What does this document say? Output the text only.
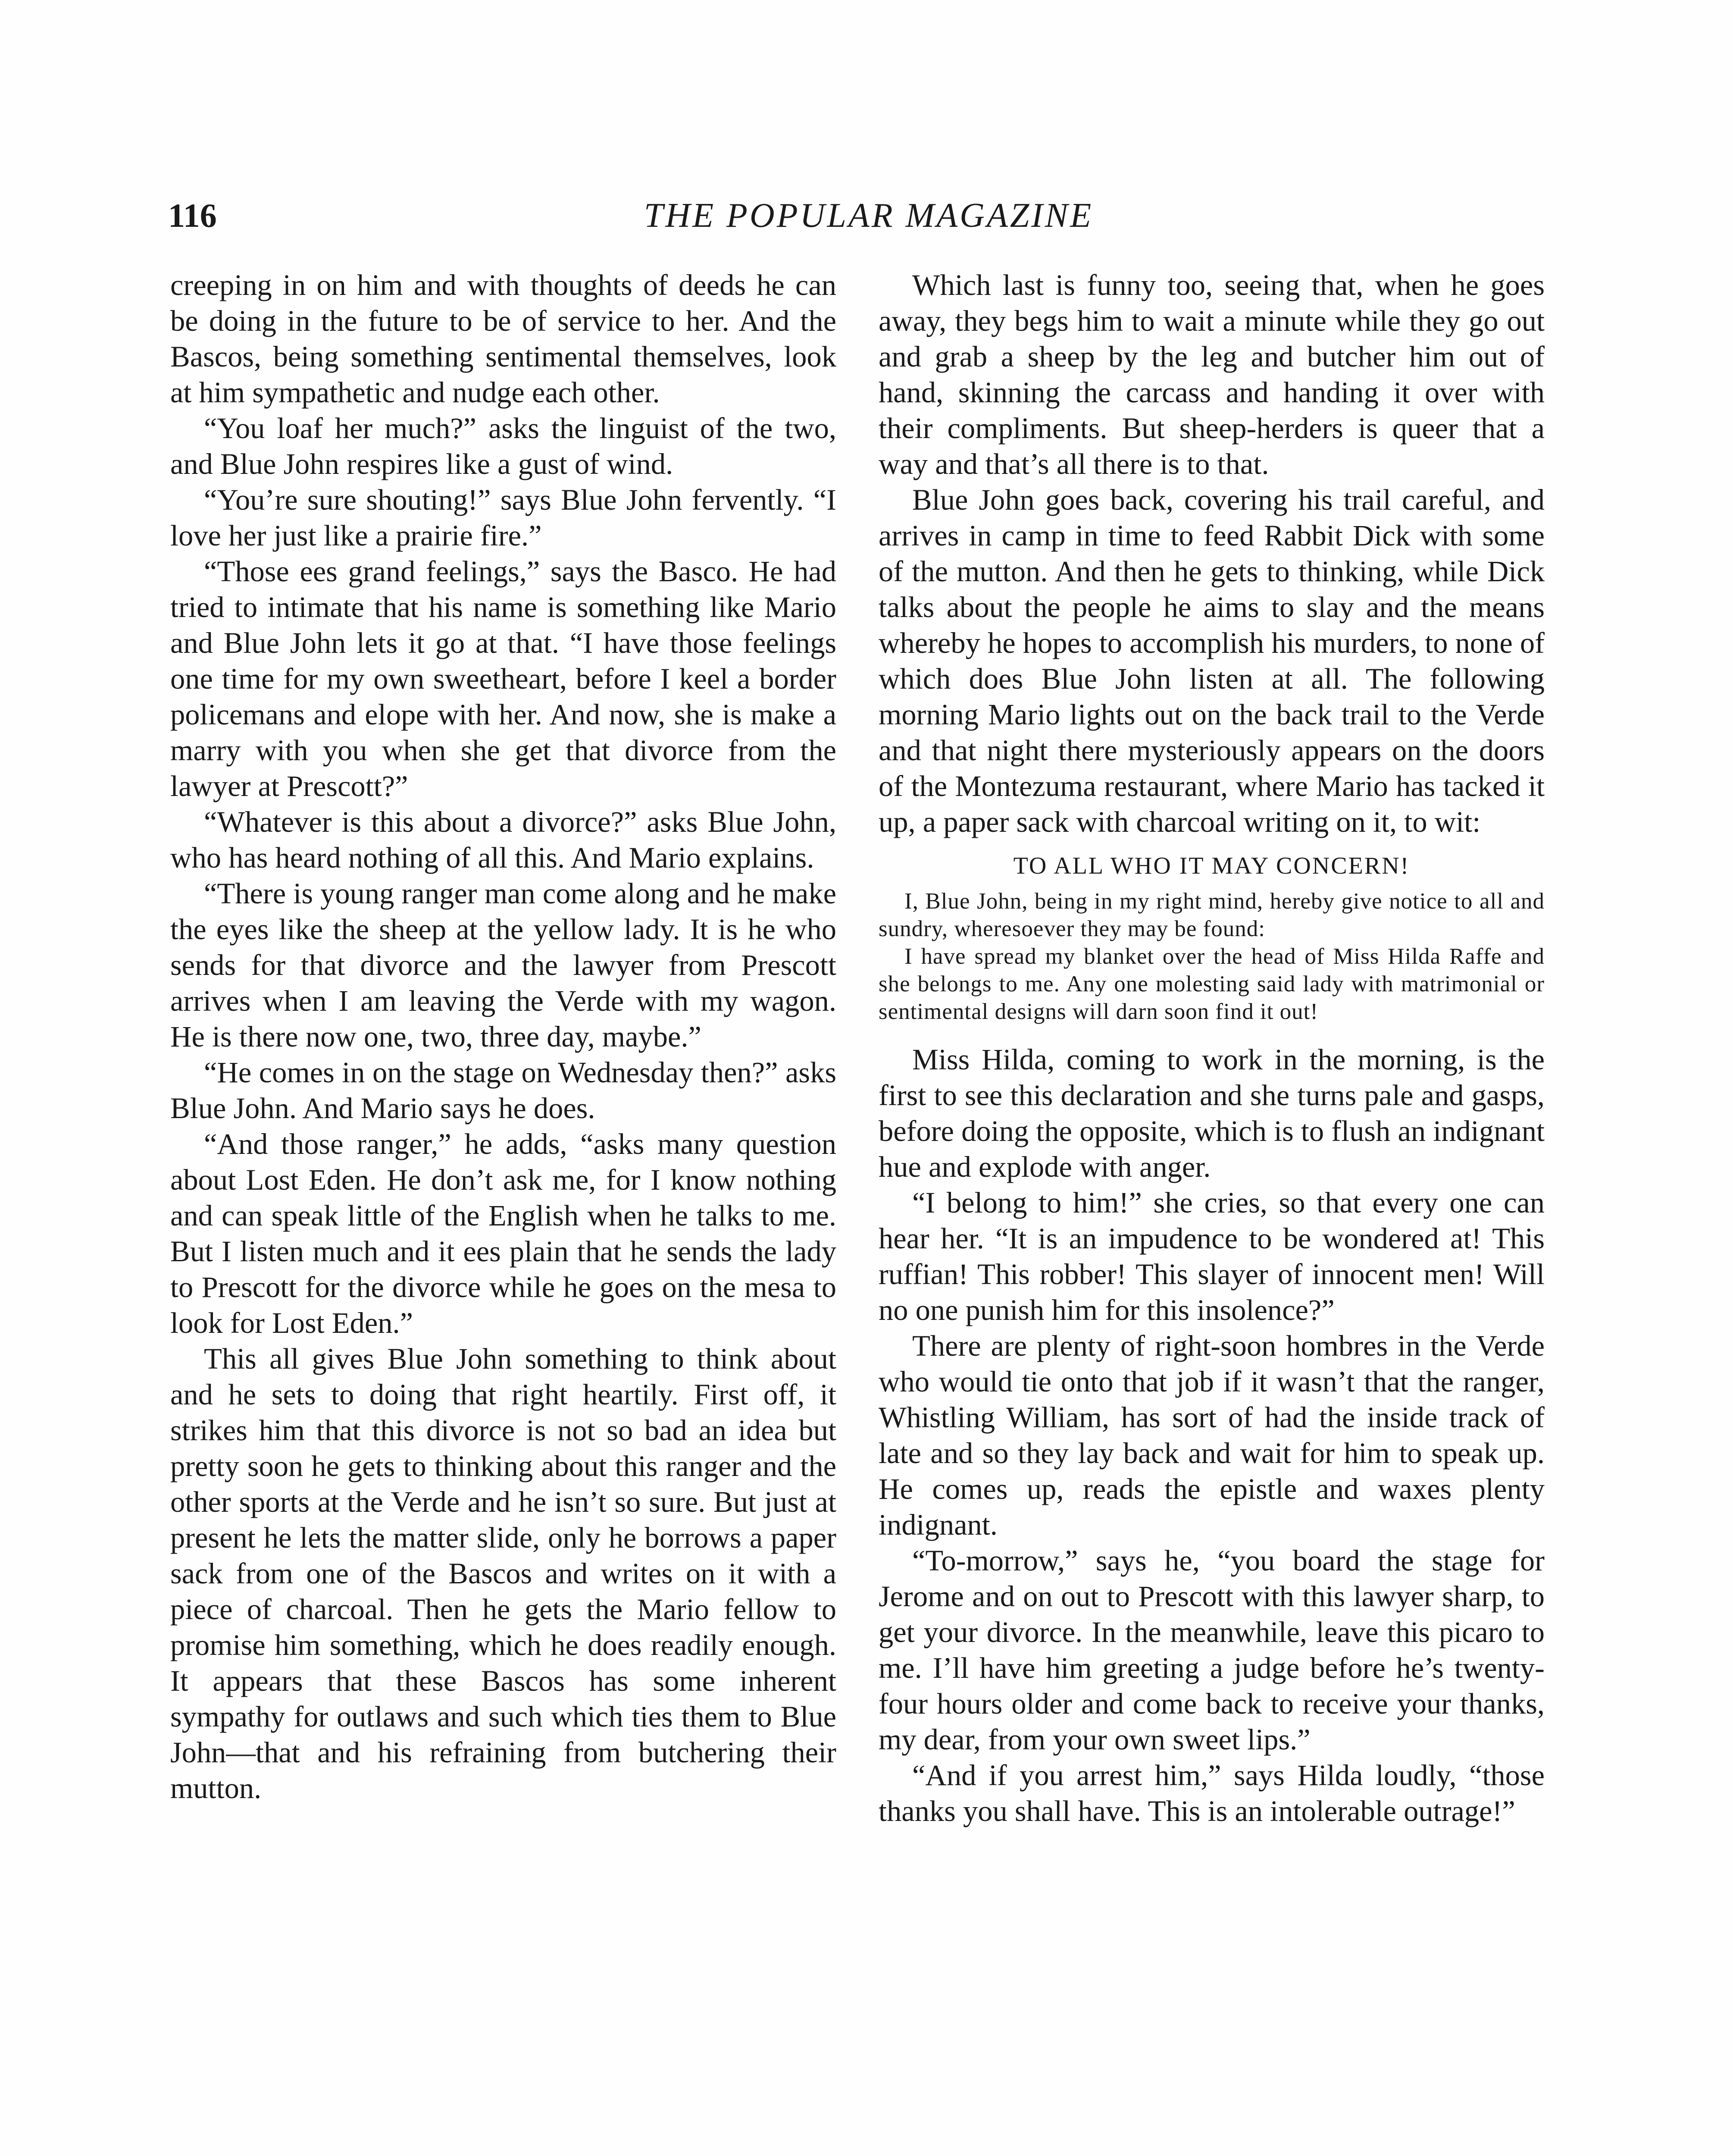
116	THE POPULAR MAGAZINE

creeping in on him and with thoughts of deeds he can be doing in the future to be of service to her. And the Bascos, being something sentimental themselves, look at him sympathetic and nudge each other.

“You loaf her much?” asks the linguist of the two, and Blue John respires like a gust of wind.

“You’re sure shouting!” says Blue John fervently. “I love her just like a prairie fire.”

“Those ees grand feelings,” says the Basco. He had tried to intimate that his name is something like Mario and Blue John lets it go at that. “I have those feelings one time for my own sweetheart, before I keel a border policemans and elope with her. And now, she is make a marry with you when she get that divorce from the lawyer at Prescott?”

“Whatever is this about a divorce?” asks Blue John, who has heard nothing of all this. And Mario explains.

“There is young ranger man come along and he make the eyes like the sheep at the yellow lady. It is he who sends for that divorce and the lawyer from Prescott arrives when I am leaving the Verde with my wagon. He is there now one, two, three day, maybe.”

“He comes in on the stage on Wednesday then?” asks Blue John. And Mario says he does.

“And those ranger,” he adds, “asks many question about Lost Eden. He don’t ask me, for I know nothing and can speak little of the English when he talks to me. But I listen much and it ees plain that he sends the lady to Prescott for the divorce while he goes on the mesa to look for Lost Eden.”

This all gives Blue John something to think about and he sets to doing that right heartily. First off, it strikes him that this divorce is not so bad an idea but pretty soon he gets to thinking about this ranger and the other sports at the Verde and he isn’t so sure. But just at present he lets the matter slide, only he borrows a paper sack from one of the Bascos and writes on it with a piece of charcoal. Then he gets the Mario fellow to promise him something, which he does readily enough. It appears that these Bascos has some inherent sympathy for outlaws and such which ties them to Blue John—that and his refraining from butchering their mutton.

Which last is funny too, seeing that, when he goes away, they begs him to wait a minute while they go out and grab a sheep by the leg and butcher him out of hand, skinning the carcass and handing it over with their compliments. But sheep-herders is queer that a way and that’s all there is to that.

Blue John goes back, covering his trail careful, and arrives in camp in time to feed Rabbit Dick with some of the mutton. And then he gets to thinking, while Dick talks about the people he aims to slay and the means whereby he hopes to accomplish his murders, to none of which does Blue John listen at all. The following morning Mario lights out on the back trail to the Verde and that night there mysteriously appears on the doors of the Montezuma restaurant, where Mario has tacked it up, a paper sack with charcoal writing on it, to wit:

TO ALL WHO IT MAY CONCERN!

I, Blue John, being in my right mind, hereby give notice to all and sundry, wheresoever they may be found:

I have spread my blanket over the head of Miss Hilda Raffe and she belongs to me. Any one molesting said lady with matrimonial or sentimental designs will darn soon find it out!

Miss Hilda, coming to work in the morning, is the first to see this declaration and she turns pale and gasps, before doing the opposite, which is to flush an indignant hue and explode with anger.

“I belong to him!” she cries, so that every one can hear her. “It is an impudence to be wondered at! This ruffian! This robber! This slayer of innocent men! Will no one punish him for this insolence?”

There are plenty of right-soon hombres in the Verde who would tie onto that job if it wasn’t that the ranger, Whistling William, has sort of had the inside track of late and so they lay back and wait for him to speak up. He comes up, reads the epistle and waxes plenty indignant.

“To-morrow,” says he, “you board the stage for Jerome and on out to Prescott with this lawyer sharp, to get your divorce. In the meanwhile, leave this picaro to me. I’ll have him greeting a judge before he’s twenty-four hours older and come back to receive your thanks, my dear, from your own sweet lips.”

“And if you arrest him,” says Hilda loudly, “those thanks you shall have. This is an intolerable outrage!”
